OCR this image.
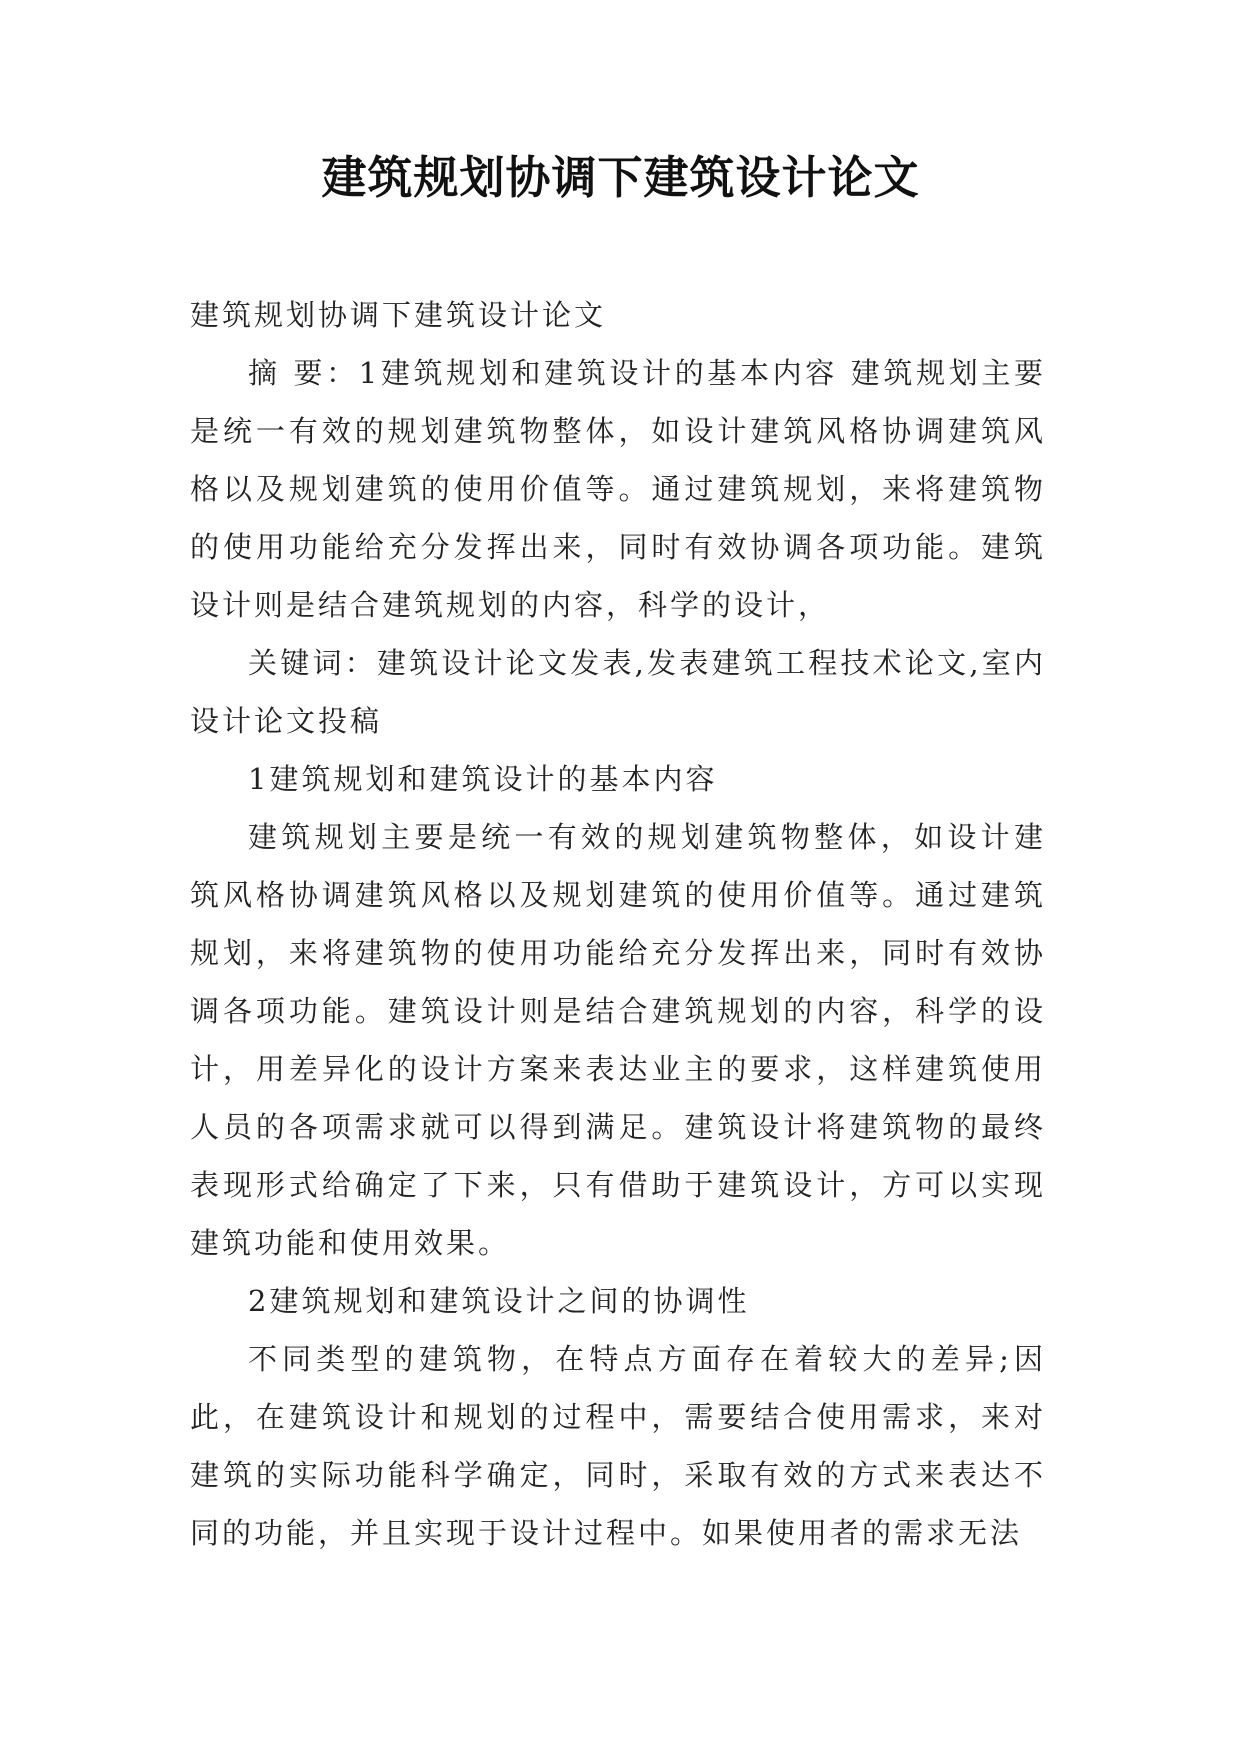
建筑规划协调下建筑设计论文

建筑规划协调下建筑设计论文

摘 要：1建筑规划和建筑设计的基本内容 建筑规划主要是统一有效的规划建筑物整体，如设计建筑风格协调建筑风格以及规划建筑的使用价值等。通过建筑规划，来将建筑物的使用功能给充分发挥出来，同时有效协调各项功能。建筑设计则是结合建筑规划的内容，科学的设计，

关键词：建筑设计论文发表,发表建筑工程技术论文,室内设计论文投稿

1建筑规划和建筑设计的基本内容

建筑规划主要是统一有效的规划建筑物整体，如设计建筑风格协调建筑风格以及规划建筑的使用价值等。通过建筑规划，来将建筑物的使用功能给充分发挥出来，同时有效协调各项功能。建筑设计则是结合建筑规划的内容，科学的设计，用差异化的设计方案来表达业主的要求，这样建筑使用人员的各项需求就可以得到满足。建筑设计将建筑物的最终表现形式给确定了下来，只有借助于建筑设计，方可以实现建筑功能和使用效果。

2建筑规划和建筑设计之间的协调性

不同类型的建筑物，在特点方面存在着较大的差异;因此，在建筑设计和规划的过程中，需要结合使用需求，来对建筑的实际功能科学确定，同时，采取有效的方式来表达不同的功能，并且实现于设计过程中。如果使用者的需求无法
